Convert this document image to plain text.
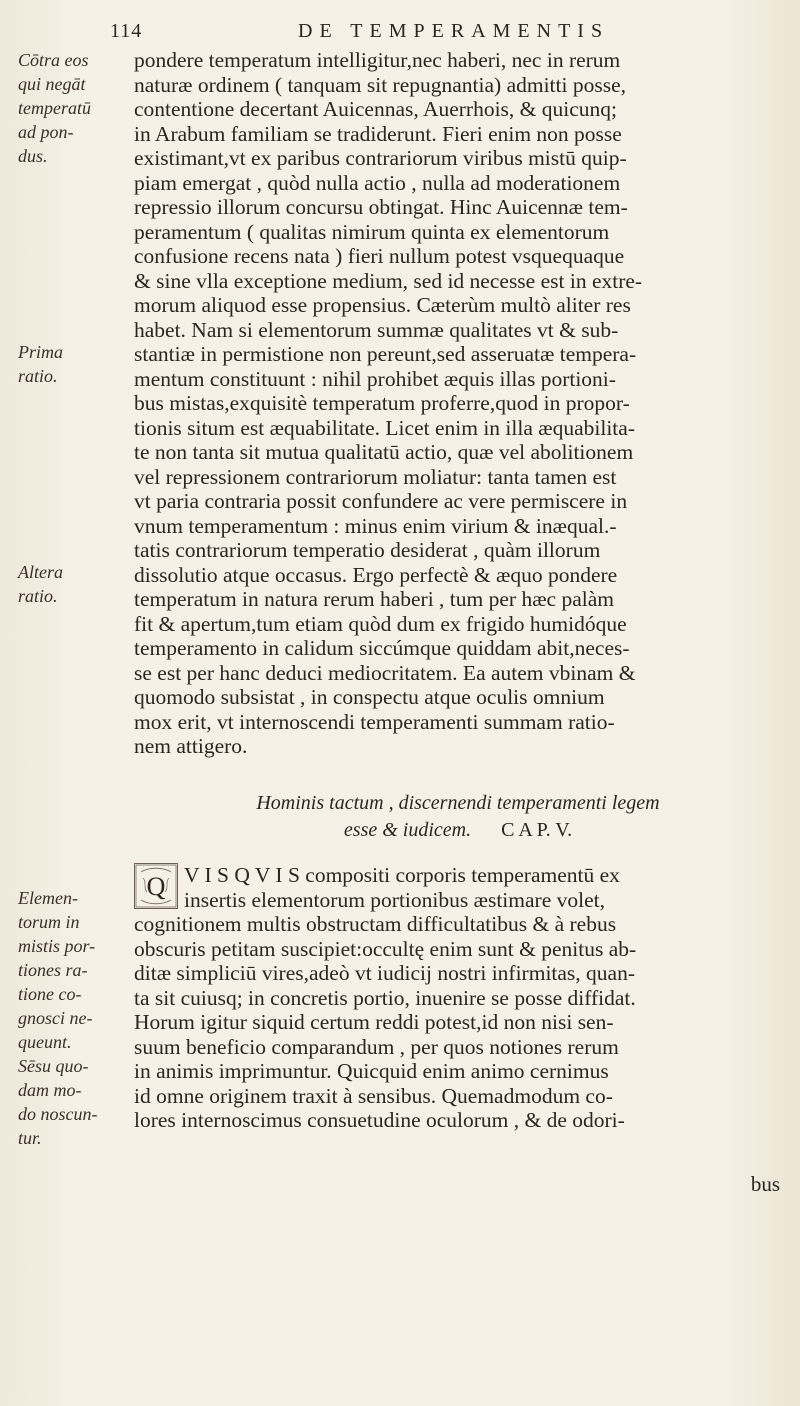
114	DE TEMPERAMENTIS
Cōtra eos
qui negāt
temperatū
ad pon-
dus.
Prima
ratio.
Altera
ratio.
Elemen-
torum in
mistis por-
tiones ra-
tione co-
gnosci ne-
queunt.
Sēsu quo-
dam mo-
do noscun-
tur.
pondere temperatum intelligitur,nec haberi, nec in rerum
naturæ ordinem ( tanquam sit repugnantia) admitti posse,
contentione decertant Auicennas, Auerrhois, & quicunq;
in Arabum familiam se tradiderunt. Fieri enim non posse
existimant,vt ex paribus contrariorum viribus mistū quip-
piam emergat , quòd nulla actio , nulla ad moderationem
repressio illorum concursu obtingat. Hinc Auicennæ tem-
peramentum ( qualitas nimirum quinta ex elementorum
confusione recens nata ) fieri nullum potest vsquequaque
& sine vlla exceptione medium, sed id necesse est in extre-
morum aliquod esse propensius. Cæterùm multò aliter res
habet. Nam si elementorum summæ qualitates vt & sub-
stantiæ in permistione non pereunt,sed asseruatæ tempera-
mentum constituunt : nihil prohibet æquis illas portioni-
bus mistas,exquisitè temperatum proferre,quod in propor-
tionis situm est æquabilitate. Licet enim in illa æquabilita-
te non tanta sit mutua qualitatū actio, quæ vel abolitionem
vel repressionem contrariorum moliatur: tanta tamen est
vt paria contraria possit confundere ac vere permiscere in
vnum temperamentum : minus enim virium & inæqual.-
tatis contrariorum temperatio desiderat , quàm illorum
dissolutio atque occasus. Ergo perfectè & æquo pondere
temperatum in natura rerum haberi , tum per hæc palàm
fit & apertum,tum etiam quòd dum ex frigido humidóque
temperamento in calidum siccúmque quiddam abit,neces-
se est per hanc deduci mediocritatem. Ea autem vbinam &
quomodo subsistat , in conspectu atque oculis omnium
mox erit, vt internoscendi temperamenti summam ratio-
nem attigero.
Hominis tactum , discernendi temperamenti legem
esse & iudicem. C A P. V.
Q V I S Q V I S compositi corporis temperamentū ex
insertis elementorum portionibus æstimare volet,
cognitionem multis obstructam difficultatibus & à rebus
obscuris petitam suscipiet:occultę enim sunt & penitus ab-
ditæ simpliciū vires,adeò vt iudicij nostri infirmitas, quan-
ta sit cuiusq; in concretis portio, inuenire se posse diffidat.
Horum igitur siquid certum reddi potest,id non nisi sen-
suum beneficio comparandum , per quos notiones rerum
in animis imprimuntur. Quicquid enim animo cernimus
id omne originem traxit à sensibus. Quemadmodum co-
lores internoscimus consuetudine oculorum , & de odori-
bus
